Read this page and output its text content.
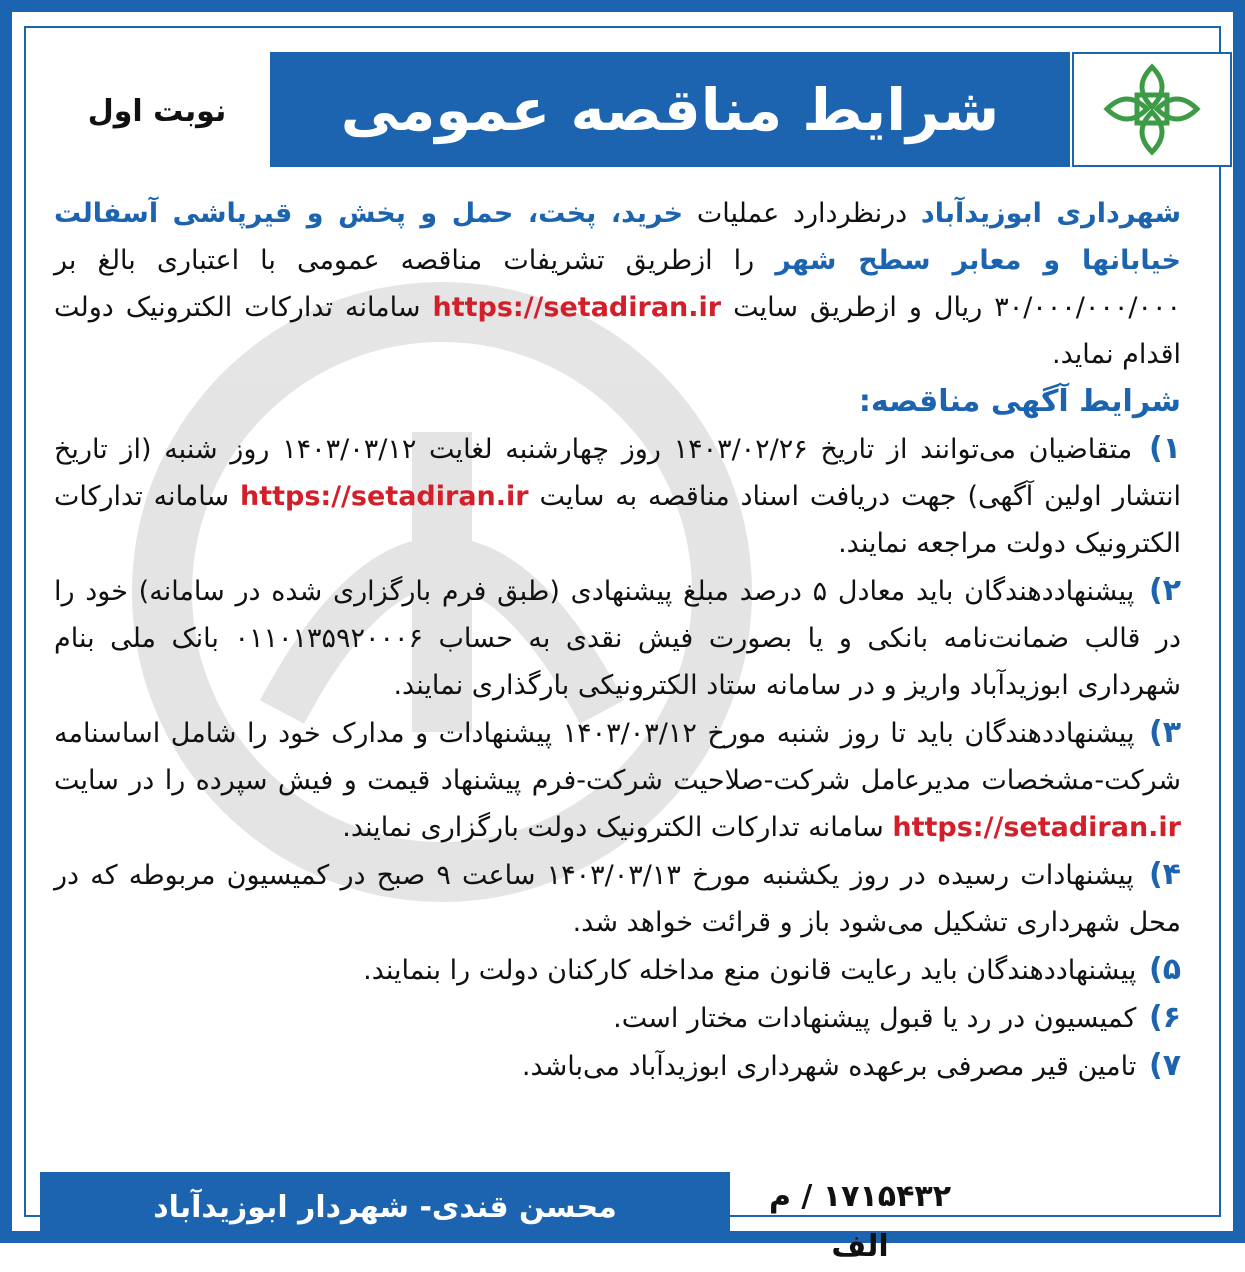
شرایط مناقصه عمومی
نوبت اول

شهرداری ابوزیدآباد درنظردارد عملیات خرید، پخت، حمل و پخش و قیرپاشی آسفالت خیابانها و معابر سطح شهر را ازطریق تشریفات مناقصه عمومی با اعتباری بالغ بر ۳۰/۰۰۰/۰۰۰/۰۰۰ ریال و ازطریق سایت https://setadiran.ir سامانه تدارکات الکترونیک دولت اقدام نماید.

شرایط آگهی مناقصه:

۱) متقاضیان می‌توانند از تاریخ ۱۴۰۳/۰۲/۲۶ روز چهارشنبه لغایت ۱۴۰۳/۰۳/۱۲ روز شنبه (از تاریخ انتشار اولین آگهی) جهت دریافت اسناد مناقصه به سایت https://setadiran.ir سامانه تدارکات الکترونیک دولت مراجعه نمایند.

۲) پیشنهاددهندگان باید معادل ۵ درصد مبلغ پیشنهادی (طبق فرم بارگزاری شده در سامانه) خود را در قالب ضمانت‌نامه بانکی و یا بصورت فیش نقدی به حساب ۰۱۱۰۱۳۵۹۲۰۰۰۶ بانک ملی بنام شهرداری ابوزیدآباد واریز و در سامانه ستاد الکترونیکی بارگذاری نمایند.

۳) پیشنهاددهندگان باید تا روز شنبه مورخ ۱۴۰۳/۰۳/۱۲ پیشنهادات و مدارک خود را شامل اساسنامه شرکت-مشخصات مدیرعامل شرکت-صلاحیت شرکت-فرم پیشنهاد قیمت و فیش سپرده را در سایت https://setadiran.ir سامانه تدارکات الکترونیک دولت بارگزاری نمایند.

۴) پیشنهادات رسیده در روز یکشنبه مورخ ۱۴۰۳/۰۳/۱۳ ساعت ۹ صبح در کمیسیون مربوطه که در محل شهرداری تشکیل می‌شود باز و قرائت خواهد شد.

۵) پیشنهاددهندگان باید رعایت قانون منع مداخله کارکنان دولت را بنمایند.

۶) کمیسیون در رد یا قبول پیشنهادات مختار است.

۷) تامین قیر مصرفی برعهده شهرداری ابوزیدآباد می‌باشد.

۱۷۱۵۴۳۲ / م الف
محسن قندی- شهردار ابوزیدآباد
